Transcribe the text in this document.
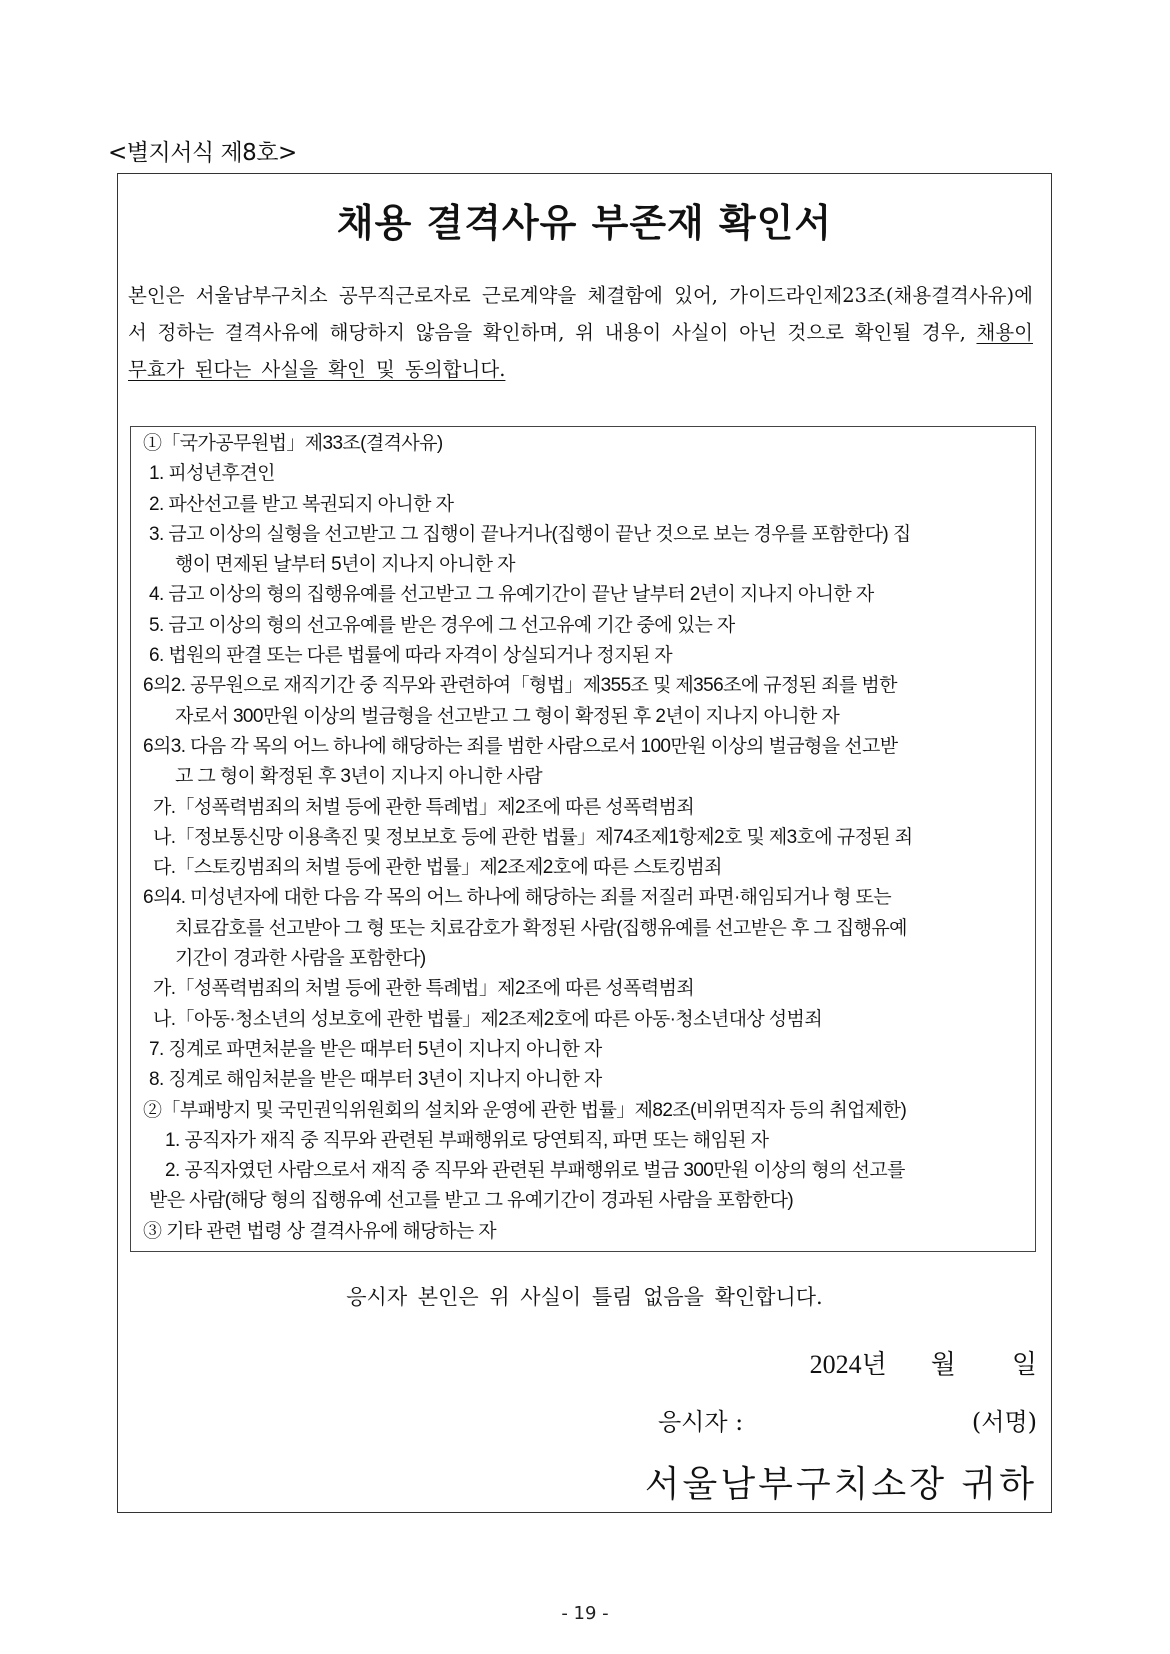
<별지서식 제8호>
채용 결격사유 부존재 확인서
본인은 서울남부구치소 공무직근로자로 근로계약을 체결함에 있어, 가이드라인제23조(채용결격사유)에서 정하는 결격사유에 해당하지 않음을 확인하며, 위 내용이 사실이 아닌 것으로 확인될 경우, 채용이 무효가 된다는 사실을 확인 및 동의합니다.
①「국가공무원법」제33조(결격사유)
1. 피성년후견인
2. 파산선고를 받고 복권되지 아니한 자
3. 금고 이상의 실형을 선고받고 그 집행이 끝나거나(집행이 끝난 것으로 보는 경우를 포함한다) 집
행이 면제된 날부터 5년이 지나지 아니한 자
4. 금고 이상의 형의 집행유예를 선고받고 그 유예기간이 끝난 날부터 2년이 지나지 아니한 자
5. 금고 이상의 형의 선고유예를 받은 경우에 그 선고유예 기간 중에 있는 자
6. 법원의 판결 또는 다른 법률에 따라 자격이 상실되거나 정지된 자
6의2. 공무원으로 재직기간 중 직무와 관련하여「형법」제355조 및 제356조에 규정된 죄를 범한
자로서 300만원 이상의 벌금형을 선고받고 그 형이 확정된 후 2년이 지나지 아니한 자
6의3. 다음 각 목의 어느 하나에 해당하는 죄를 범한 사람으로서 100만원 이상의 벌금형을 선고받
고 그 형이 확정된 후 3년이 지나지 아니한 사람
가.「성폭력범죄의 처벌 등에 관한 특례법」제2조에 따른 성폭력범죄
나.「정보통신망 이용촉진 및 정보보호 등에 관한 법률」제74조제1항제2호 및 제3호에 규정된 죄
다.「스토킹범죄의 처벌 등에 관한 법률」제2조제2호에 따른 스토킹범죄
6의4. 미성년자에 대한 다음 각 목의 어느 하나에 해당하는 죄를 저질러 파면·해임되거나 형 또는
치료감호를 선고받아 그 형 또는 치료감호가 확정된 사람(집행유예를 선고받은 후 그 집행유예
기간이 경과한 사람을 포함한다)
가.「성폭력범죄의 처벌 등에 관한 특례법」제2조에 따른 성폭력범죄
나.「아동·청소년의 성보호에 관한 법률」제2조제2호에 따른 아동·청소년대상 성범죄
7. 징계로 파면처분을 받은 때부터 5년이 지나지 아니한 자
8. 징계로 해임처분을 받은 때부터 3년이 지나지 아니한 자
②「부패방지 및 국민권익위원회의 설치와 운영에 관한 법률」제82조(비위면직자 등의 취업제한)
1. 공직자가 재직 중 직무와 관련된 부패행위로 당연퇴직, 파면 또는 해임된 자
2. 공직자였던 사람으로서 재직 중 직무와 관련된 부패행위로 벌금 300만원 이상의 형의 선고를
받은 사람(해당 형의 집행유예 선고를 받고 그 유예기간이 경과된 사람을 포함한다)
③ 기타 관련 법령 상 결격사유에 해당하는 자
응시자 본인은 위 사실이 틀림 없음을 확인합니다.
2024년 월 일
응시자 :	(서명)
서울남부구치소장 귀하
- 19 -
